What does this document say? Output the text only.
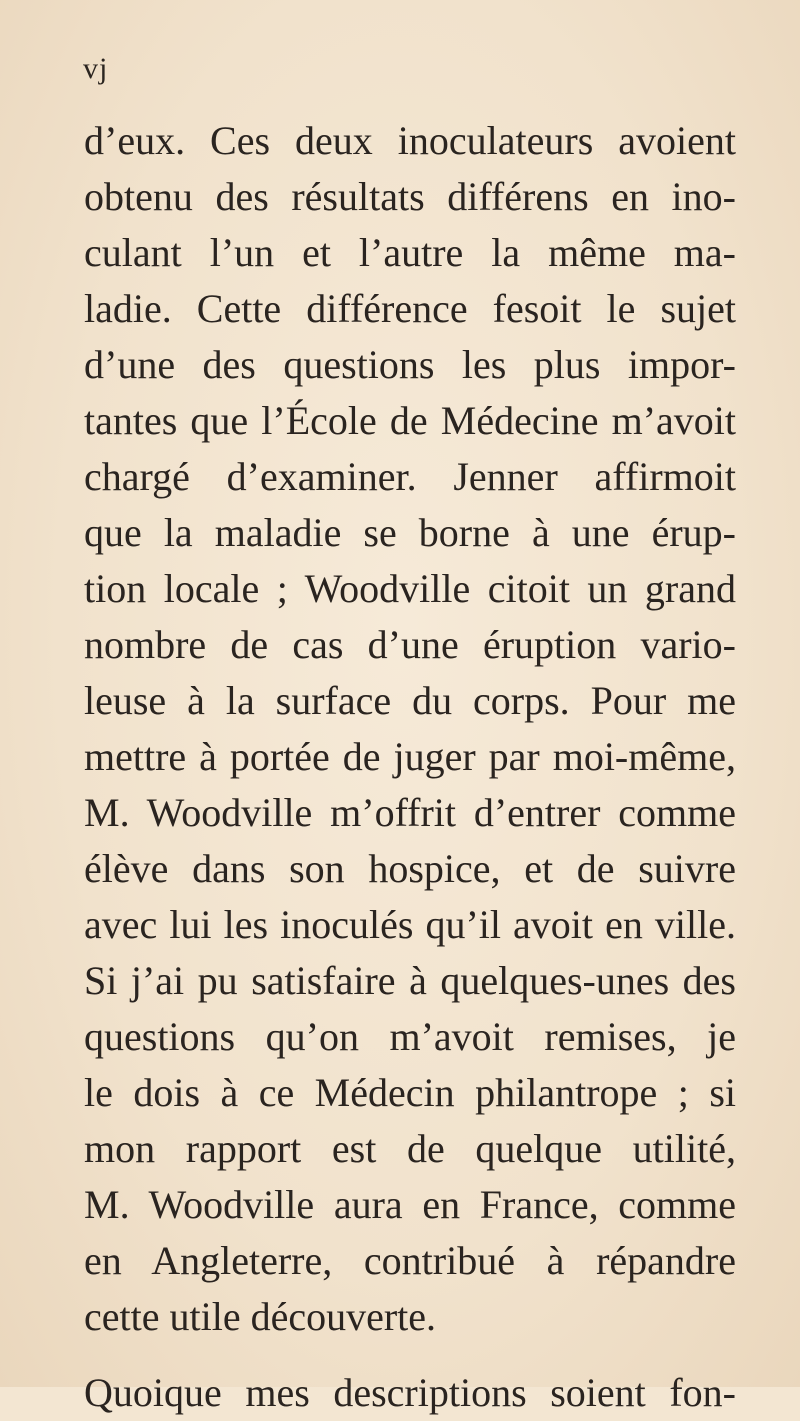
vj
d’eux. Ces deux inoculateurs avoient
obtenu des résultats différens en ino-
culant l’un et l’autre la même ma-
ladie. Cette différence fesoit le sujet
d’une des questions les plus impor-
tantes que l’École de Médecine m’avoit
chargé d’examiner. Jenner affirmoit
que la maladie se borne à une érup-
tion locale ; Woodville citoit un grand
nombre de cas d’une éruption vario-
leuse à la surface du corps. Pour me
mettre à portée de juger par moi-même,
M. Woodville m’offrit d’entrer comme
élève dans son hospice, et de suivre
avec lui les inoculés qu’il avoit en ville.
Si j’ai pu satisfaire à quelques-unes des
questions qu’on m’avoit remises, je
le dois à ce Médecin philantrope ; si
mon rapport est de quelque utilité,
M. Woodville aura en France, comme
en Angleterre, contribué à répandre
cette utile découverte.
Quoique mes descriptions soient fon-
